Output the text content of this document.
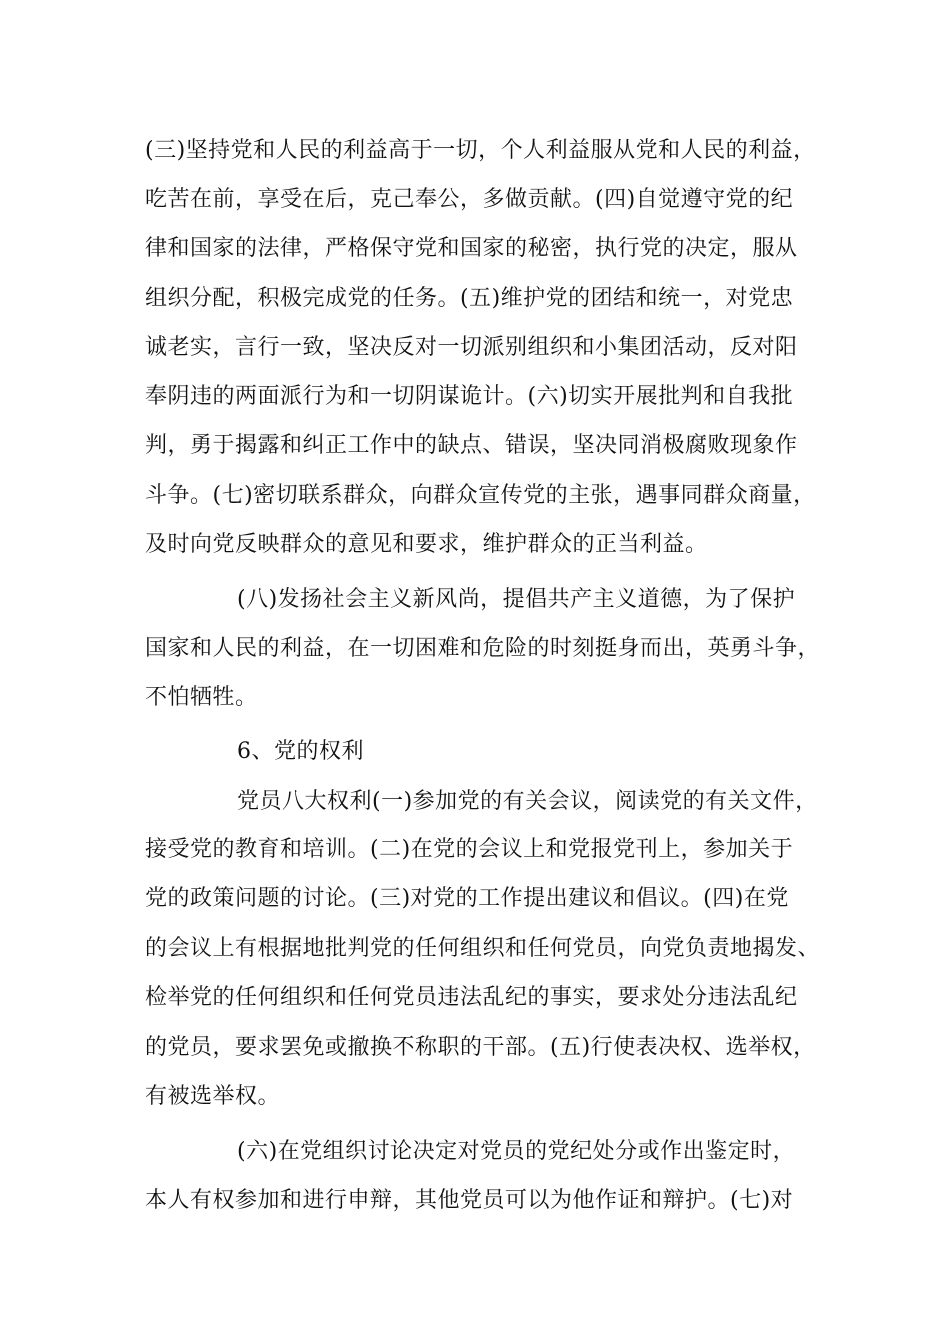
(三)坚持党和人民的利益高于一切，个人利益服从党和人民的利益，
吃苦在前，享受在后，克己奉公，多做贡献。(四)自觉遵守党的纪
律和国家的法律，严格保守党和国家的秘密，执行党的决定，服从
组织分配，积极完成党的任务。(五)维护党的团结和统一，对党忠
诚老实，言行一致，坚决反对一切派别组织和小集团活动，反对阳
奉阴违的两面派行为和一切阴谋诡计。(六)切实开展批判和自我批
判，勇于揭露和纠正工作中的缺点、错误，坚决同消极腐败现象作
斗争。(七)密切联系群众，向群众宣传党的主张，遇事同群众商量，
及时向党反映群众的意见和要求，维护群众的正当利益。
(八)发扬社会主义新风尚，提倡共产主义道德，为了保护
国家和人民的利益，在一切困难和危险的时刻挺身而出，英勇斗争，
不怕牺牲。
6、党的权利
党员八大权利(一)参加党的有关会议，阅读党的有关文件，
接受党的教育和培训。(二)在党的会议上和党报党刊上，参加关于
党的政策问题的讨论。(三)对党的工作提出建议和倡议。(四)在党
的会议上有根据地批判党的任何组织和任何党员，向党负责地揭发、
检举党的任何组织和任何党员违法乱纪的事实，要求处分违法乱纪
的党员，要求罢免或撤换不称职的干部。(五)行使表决权、选举权，
有被选举权。
(六)在党组织讨论决定对党员的党纪处分或作出鉴定时，
本人有权参加和进行申辩，其他党员可以为他作证和辩护。(七)对
